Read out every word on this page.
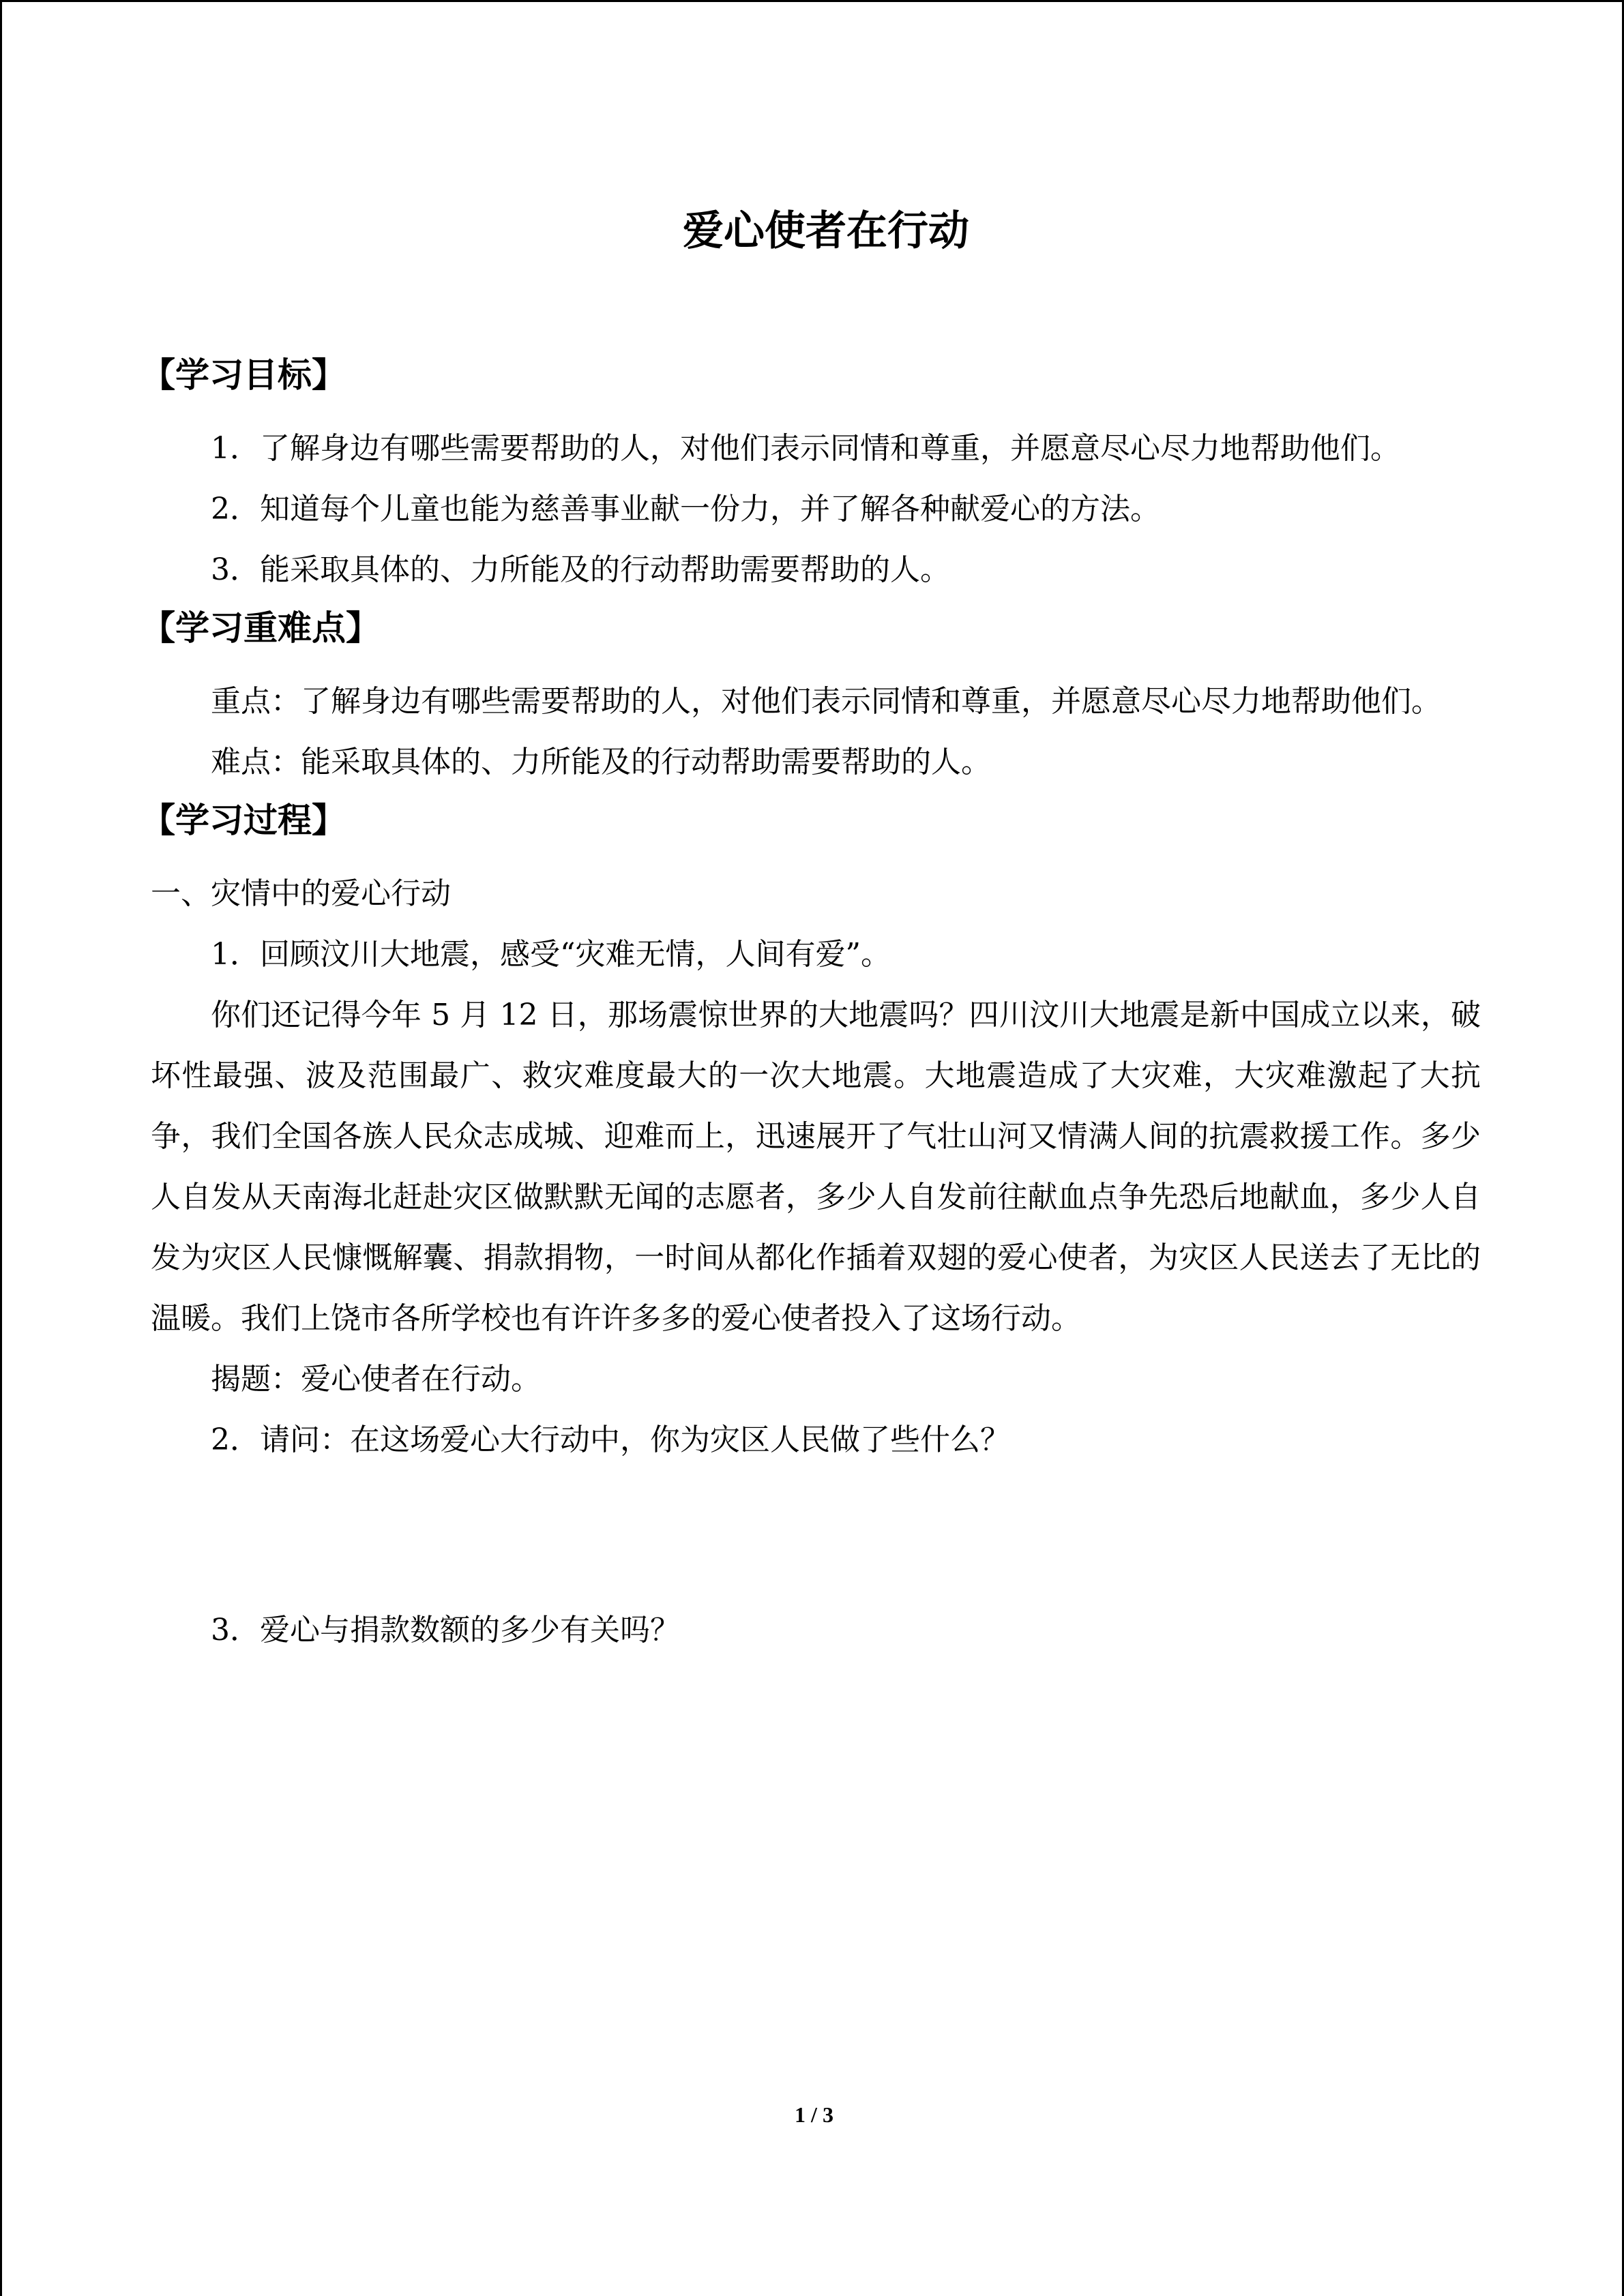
爱心使者在行动
【学习目标】

1．了解身边有哪些需要帮助的人，对他们表示同情和尊重，并愿意尽心尽力地帮助他们。

2．知道每个儿童也能为慈善事业献一份力，并了解各种献爱心的方法。

3．能采取具体的、力所能及的行动帮助需要帮助的人。

【学习重难点】

重点：了解身边有哪些需要帮助的人，对他们表示同情和尊重，并愿意尽心尽力地帮助他们。

难点：能采取具体的、力所能及的行动帮助需要帮助的人。

【学习过程】

一、灾情中的爱心行动

1．回顾汶川大地震，感受“灾难无情，人间有爱”。

你们还记得今年 5 月 12 日，那场震惊世界的大地震吗？四川汶川大地震是新中国成立以来，破坏性最强、波及范围最广、救灾难度最大的一次大地震。大地震造成了大灾难，大灾难激起了大抗争，我们全国各族人民众志成城、迎难而上，迅速展开了气壮山河又情满人间的抗震救援工作。多少人自发从天南海北赶赴灾区做默默无闻的志愿者，多少人自发前往献血点争先恐后地献血，多少人自发为灾区人民慷慨解囊、捐款捐物，一时间从都化作插着双翅的爱心使者，为灾区人民送去了无比的温暖。我们上饶市各所学校也有许许多多的爱心使者投入了这场行动。

揭题：爱心使者在行动。

2．请问：在这场爱心大行动中，你为灾区人民做了些什么？

3．爱心与捐款数额的多少有关吗？

1 / 3
